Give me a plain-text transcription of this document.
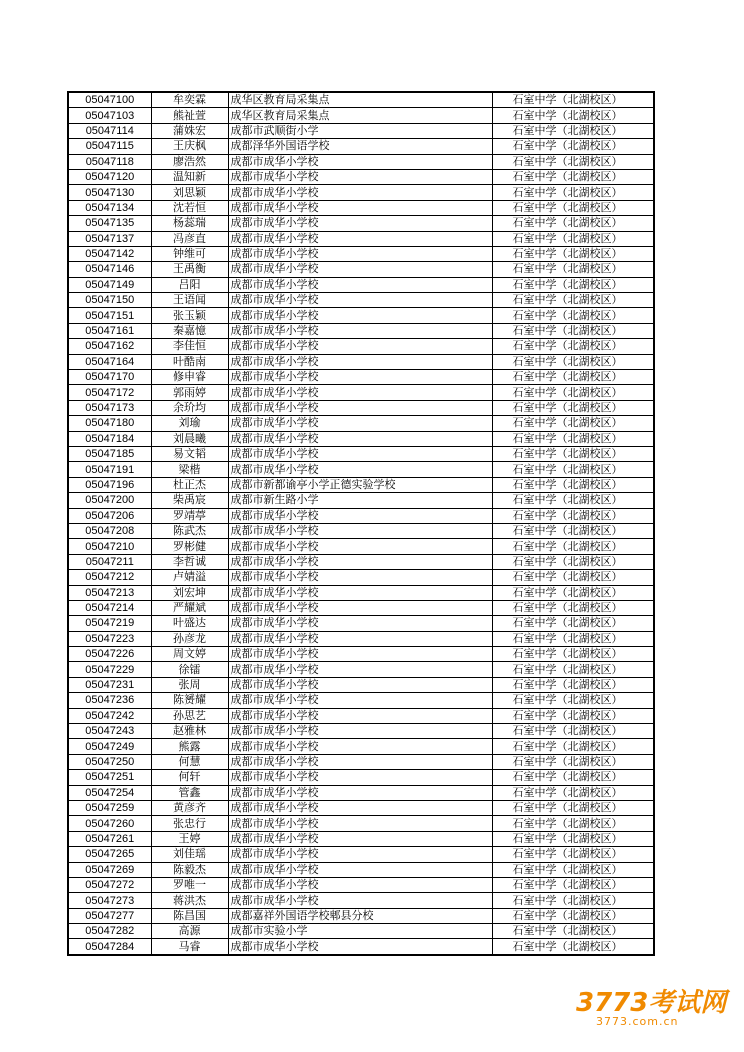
05047100	牟奕霖	成华区教育局采集点	石室中学（北湖校区）
05047103	熊祉萱	成华区教育局采集点	石室中学（北湖校区）
05047114	蒲姝宏	成都市武顺街小学	石室中学（北湖校区）
05047115	王庆枫	成都泽华外国语学校	石室中学（北湖校区）
05047118	廖浩然	成都市成华小学校	石室中学（北湖校区）
05047120	温知新	成都市成华小学校	石室中学（北湖校区）
05047130	刘思颖	成都市成华小学校	石室中学（北湖校区）
05047134	沈若恒	成都市成华小学校	石室中学（北湖校区）
05047135	杨蕊瑞	成都市成华小学校	石室中学（北湖校区）
05047137	冯彦直	成都市成华小学校	石室中学（北湖校区）
05047142	钟维可	成都市成华小学校	石室中学（北湖校区）
05047146	王禹衡	成都市成华小学校	石室中学（北湖校区）
05047149	吕阳	成都市成华小学校	石室中学（北湖校区）
05047150	王语闻	成都市成华小学校	石室中学（北湖校区）
05047151	张玉颖	成都市成华小学校	石室中学（北湖校区）
05047161	秦嘉憶	成都市成华小学校	石室中学（北湖校区）
05047162	李佳恒	成都市成华小学校	石室中学（北湖校区）
05047164	叶酷南	成都市成华小学校	石室中学（北湖校区）
05047170	修申睿	成都市成华小学校	石室中学（北湖校区）
05047172	郭雨婷	成都市成华小学校	石室中学（北湖校区）
05047173	余玠均	成都市成华小学校	石室中学（北湖校区）
05047180	刘瑜	成都市成华小学校	石室中学（北湖校区）
05047184	刘晨曦	成都市成华小学校	石室中学（北湖校区）
05047185	易文韬	成都市成华小学校	石室中学（北湖校区）
05047191	梁楷	成都市成华小学校	石室中学（北湖校区）
05047196	杜正杰	成都市新都谕亭小学正德实验学校	石室中学（北湖校区）
05047200	柴禹宸	成都市新生路小学	石室中学（北湖校区）
05047206	罗靖葶	成都市成华小学校	石室中学（北湖校区）
05047208	陈武杰	成都市成华小学校	石室中学（北湖校区）
05047210	罗彬健	成都市成华小学校	石室中学（北湖校区）
05047211	李哲诚	成都市成华小学校	石室中学（北湖校区）
05047212	卢婧溢	成都市成华小学校	石室中学（北湖校区）
05047213	刘宏坤	成都市成华小学校	石室中学（北湖校区）
05047214	严耀斌	成都市成华小学校	石室中学（北湖校区）
05047219	叶盛达	成都市成华小学校	石室中学（北湖校区）
05047223	孙彦龙	成都市成华小学校	石室中学（北湖校区）
05047226	周文婷	成都市成华小学校	石室中学（北湖校区）
05047229	徐镭	成都市成华小学校	石室中学（北湖校区）
05047231	张周	成都市成华小学校	石室中学（北湖校区）
05047236	陈赟耀	成都市成华小学校	石室中学（北湖校区）
05047242	孙思艺	成都市成华小学校	石室中学（北湖校区）
05047243	赵雅林	成都市成华小学校	石室中学（北湖校区）
05047249	熊露	成都市成华小学校	石室中学（北湖校区）
05047250	何慧	成都市成华小学校	石室中学（北湖校区）
05047251	何轩	成都市成华小学校	石室中学（北湖校区）
05047254	管鑫	成都市成华小学校	石室中学（北湖校区）
05047259	黄彦齐	成都市成华小学校	石室中学（北湖校区）
05047260	张忠行	成都市成华小学校	石室中学（北湖校区）
05047261	王婷	成都市成华小学校	石室中学（北湖校区）
05047265	刘佳瑶	成都市成华小学校	石室中学（北湖校区）
05047269	陈毅杰	成都市成华小学校	石室中学（北湖校区）
05047272	罗唯一	成都市成华小学校	石室中学（北湖校区）
05047273	蒋洪杰	成都市成华小学校	石室中学（北湖校区）
05047277	陈昌国	成都嘉祥外国语学校郫县分校	石室中学（北湖校区）
05047282	高源	成都市实验小学	石室中学（北湖校区）
05047284	马睿	成都市成华小学校	石室中学（北湖校区）
3773考试网
3773.com.cn
